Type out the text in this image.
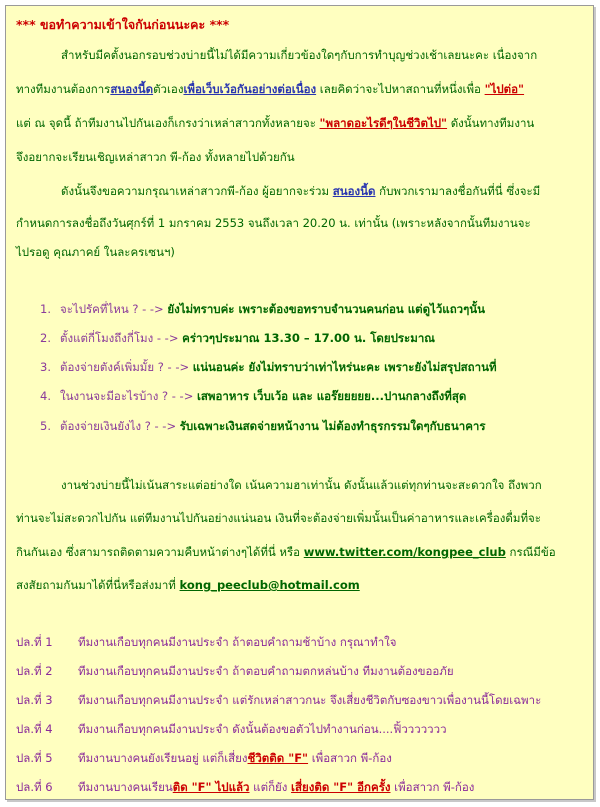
*** ขอทำความเข้าใจกันก่อนนะคะ ***
สำหรับมีคตั้งนอกรอบช่วงบ่ายนี้ไม่ได้มีความเกี่ยวข้องใดๆกับการทำบุญช่วงเช้าเลยนะคะ เนื่องจาก
ทางทีมงานต้องการสนองนี้ดตัวเองเพื่อเว็บเว้อกันอย่างต่อเนื่อง เลยคิดว่าจะไปหาสถานที่หนึ่งเพื่อ "ไปต่อ"
แต่ ณ จุดนี้ ถ้าทีมงานไปกันเองก็เกรงว่าเหล่าสาวกทั้งหลายจะ "พลาดอะไรดีๆในชีวิตไป" ดังนั้นทางทีมงาน
จึงอยากจะเรียนเชิญเหล่าสาวก พี-ก้อง ทั้งหลายไปด้วยกัน
ดังนั้นจึงขอความกรุณาเหล่าสาวกพี-ก้อง ผู้อยากจะร่วม สนองนี้ด กับพวกเรามาลงชื่อกันที่นี่ ซึ่งจะมี
กำหนดการลงชื่อถึงวันศุกร์ที่ 1 มกราคม 2553 จนถึงเวลา 20.20 น. เท่านั้น (เพราะหลังจากนั้นทีมงานจะ
ไปรอดู คุณภาคย์ ในละครเซนฯ)
1. จะไปรัคที่ไหน ? - -> ยังไม่ทราบค่ะ เพราะต้องขอทราบจำนวนคนก่อน แต่ดูไว้แถวๆนั้น
2. ตั้งแต่กี่โมงถึงกี่โมง - -> คร่าวๆประมาณ 13.30 – 17.00 น. โดยประมาณ
3. ต้องจ่ายตังค์เพิ่มมั้ย ? - -> แน่นอนค่ะ ยังไม่ทราบว่าเท่าไหร่นะคะ เพราะยังไม่สรุปสถานที่
4. ในงานจะมีอะไรบ้าง ? - -> เสพอาหาร เว็บเว้อ และ แอร๊ยยยยย...ปานกลางถึงที่สุด
5. ต้องจ่ายเงินยังไง ? - -> รับเฉพาะเงินสดจ่ายหน้างาน ไม่ต้องทำธุรกรรมใดๆกับธนาคาร
งานช่วงบ่ายนี้ไม่เน้นสาระแต่อย่างใด เน้นความฮาเท่านั้น ดังนั้นแล้วแต่ทุกท่านจะสะดวกใจ ถึงพวก
ท่านจะไม่สะดวกไปกัน แต่ทีมงานไปกันอย่างแน่นอน เงินที่จะต้องจ่ายเพิ่มนั้นเป็นค่าอาหารและเครื่องดื่มที่จะ
กินกันเอง ซึ่งสามารถติดตามความคืบหน้าต่างๆได้ที่นี่ หรือ www.twitter.com/kongpee_club กรณีมีข้อ
สงสัยถามกันมาได้ที่นี่หรือส่งมาที่ kong_peeclub@hotmail.com
ปล.ที่ 1 ทีมงานเกือบทุกคนมีงานประจำ ถ้าตอบคำถามช้าบ้าง กรุณาทำใจ
ปล.ที่ 2 ทีมงานเกือบทุกคนมีงานประจำ ถ้าตอบคำถามตกหล่นบ้าง ทีมงานต้องขออภัย
ปล.ที่ 3 ทีมงานเกือบทุกคนมีงานประจำ แต่รักเหล่าสาวกนะ จึงเสี่ยงชีวิตกับซองขาวเพื่องานนี้โดยเฉพาะ
ปล.ที่ 4 ทีมงานเกือบทุกคนมีงานประจำ ดังนั้นต้องขอตัวไปทำงานก่อน....ฟิ้ววววววว
ปล.ที่ 5 ทีมงานบางคนยังเรียนอยู่ แต่ก็เสี่ยงชีวิตติด "F" เพื่อสาวก พี-ก้อง
ปล.ที่ 6 ทีมงานบางคนเรียนติด "F" ไปแล้ว แต่ก็ยัง เสี่ยงติด "F" อีกครั้ง เพื่อสาวก พี-ก้อง
